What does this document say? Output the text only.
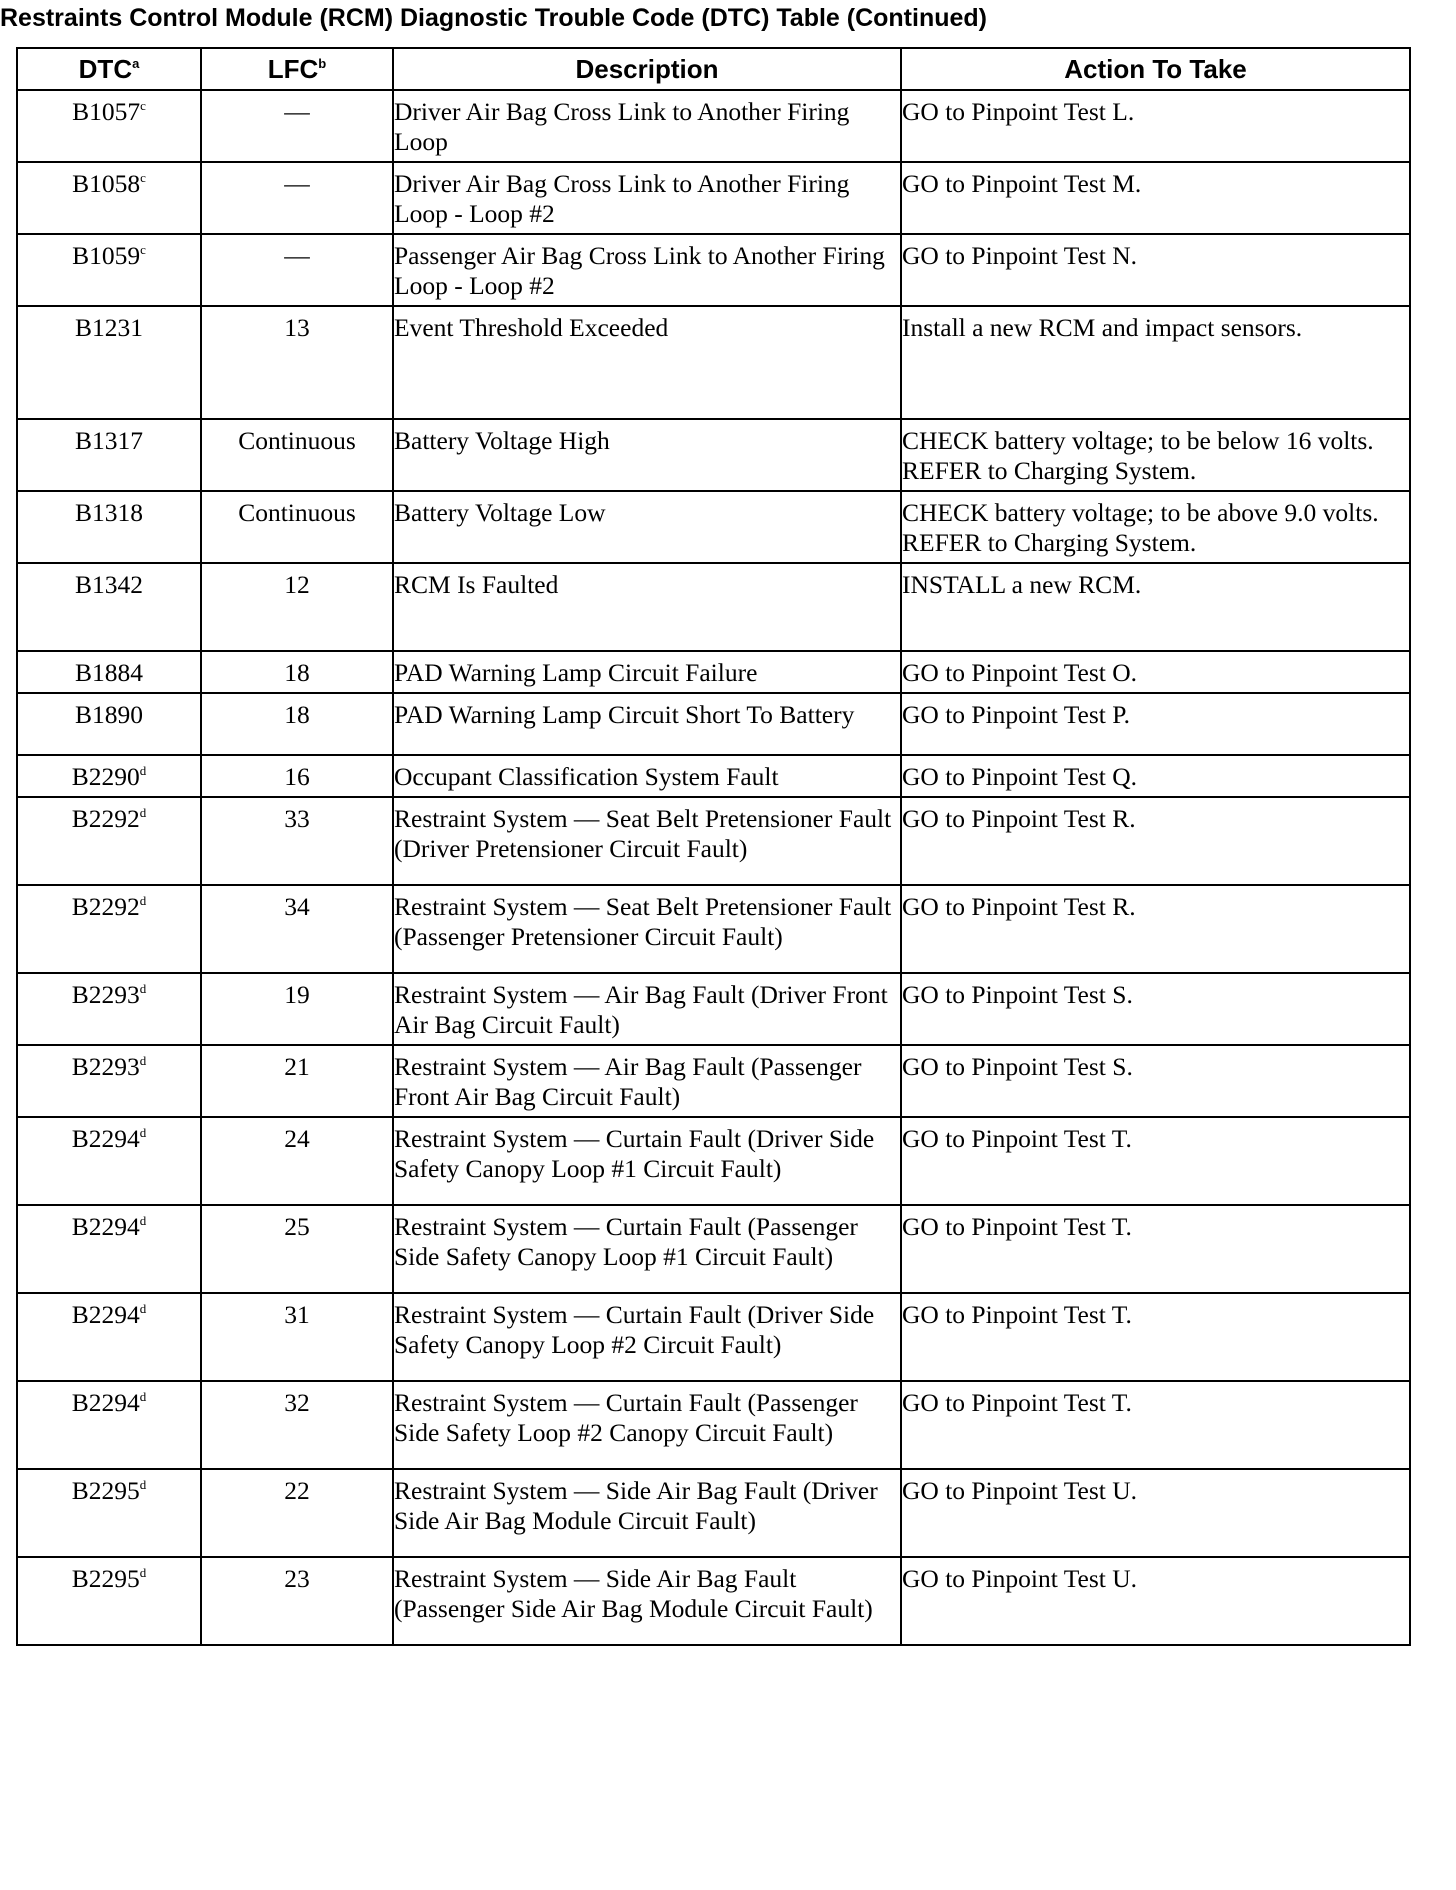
Restraints Control Module (RCM) Diagnostic Trouble Code (DTC) Table (Continued)
DTC$^a$	LFC$^b$	Description	Action To Take
B1057$^c$	—	Driver Air Bag Cross Link to Another Firing Loop	GO to Pinpoint Test L.
B1058$^c$	—	Driver Air Bag Cross Link to Another Firing Loop - Loop #2	GO to Pinpoint Test M.
B1059$^c$	—	Passenger Air Bag Cross Link to Another Firing Loop - Loop #2	GO to Pinpoint Test N.
B1231	13	Event Threshold Exceeded	Install a new RCM and impact sensors.
B1317	Continuous	Battery Voltage High	CHECK battery voltage; to be below 16 volts. REFER to Charging System.
B1318	Continuous	Battery Voltage Low	CHECK battery voltage; to be above 9.0 volts. REFER to Charging System.
B1342	12	RCM Is Faulted	INSTALL a new RCM.
B1884	18	PAD Warning Lamp Circuit Failure	GO to Pinpoint Test O.
B1890	18	PAD Warning Lamp Circuit Short To Battery	GO to Pinpoint Test P.
B2290$^d$	16	Occupant Classification System Fault	GO to Pinpoint Test Q.
B2292$^d$	33	Restraint System — Seat Belt Pretensioner Fault (Driver Pretensioner Circuit Fault)	GO to Pinpoint Test R.
B2292$^d$	34	Restraint System — Seat Belt Pretensioner Fault (Passenger Pretensioner Circuit Fault)	GO to Pinpoint Test R.
B2293$^d$	19	Restraint System — Air Bag Fault (Driver Front Air Bag Circuit Fault)	GO to Pinpoint Test S.
B2293$^d$	21	Restraint System — Air Bag Fault (Passenger Front Air Bag Circuit Fault)	GO to Pinpoint Test S.
B2294$^d$	24	Restraint System — Curtain Fault (Driver Side Safety Canopy Loop #1 Circuit Fault)	GO to Pinpoint Test T.
B2294$^d$	25	Restraint System — Curtain Fault (Passenger Side Safety Canopy Loop #1 Circuit Fault)	GO to Pinpoint Test T.
B2294$^d$	31	Restraint System — Curtain Fault (Driver Side Safety Canopy Loop #2 Circuit Fault)	GO to Pinpoint Test T.
B2294$^d$	32	Restraint System — Curtain Fault (Passenger Side Safety Loop #2 Canopy Circuit Fault)	GO to Pinpoint Test T.
B2295$^d$	22	Restraint System — Side Air Bag Fault (Driver Side Air Bag Module Circuit Fault)	GO to Pinpoint Test U.
B2295$^d$	23	Restraint System — Side Air Bag Fault (Passenger Side Air Bag Module Circuit Fault)	GO to Pinpoint Test U.
